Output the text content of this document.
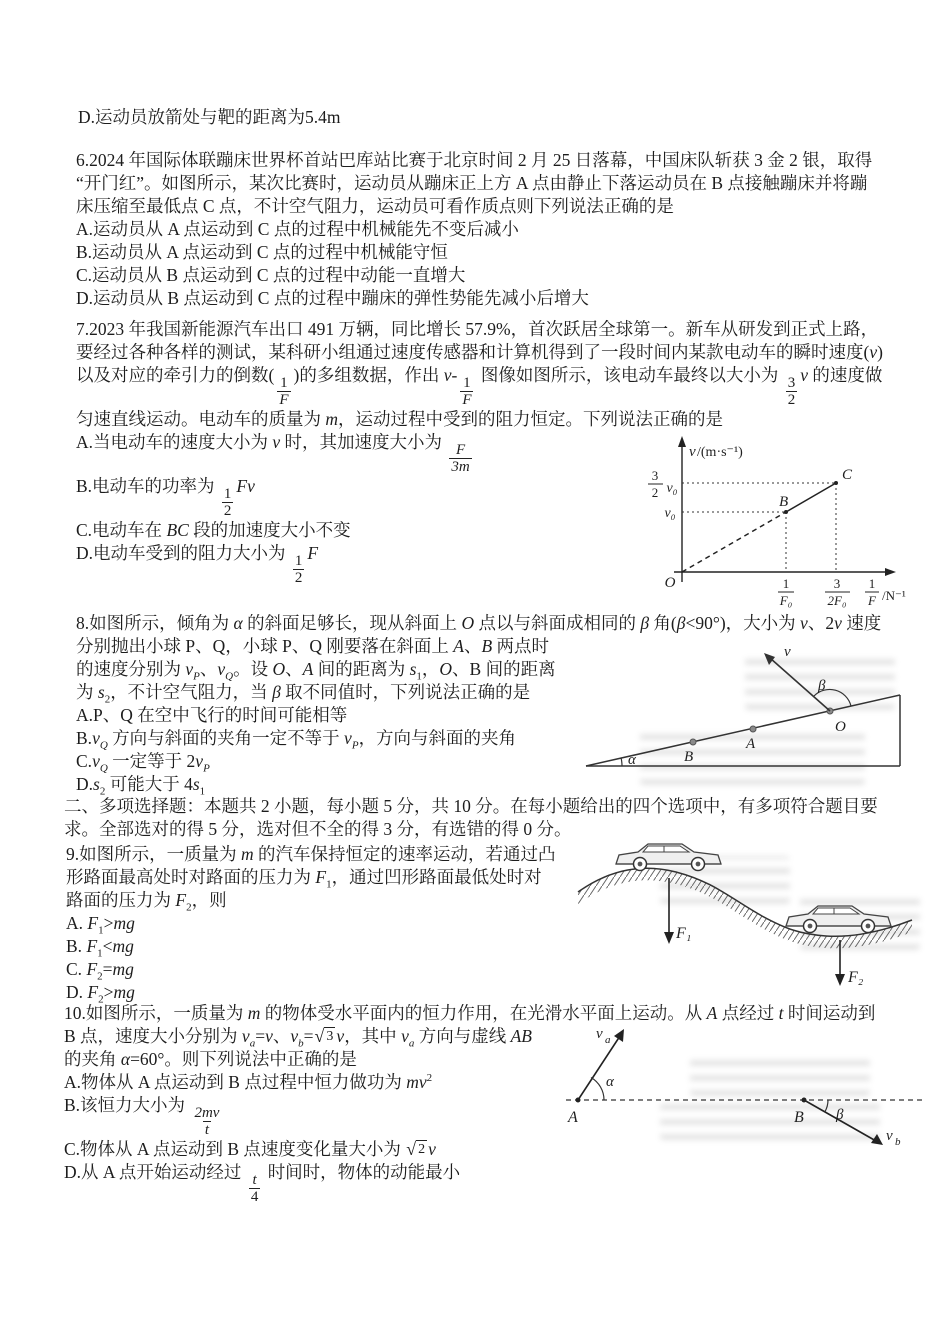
D.运动员放箭处与靶的距离为5.4m
6.2024 年国际体联蹦床世界杯首站巴库站比赛于北京时间 2 月 25 日落幕，中国床队斩获 3 金 2 银，取得
“开门红”。如图所示，某次比赛时，运动员从蹦床正上方 A 点由静止下落运动员在 B 点接触蹦床并将蹦
床压缩至最低点 C 点，不计空气阻力，运动员可看作质点则下列说法正确的是
A.运动员从 A 点运动到 C 点的过程中机械能先不变后减小
B.运动员从 A 点运动到 C 点的过程中机械能守恒
C.运动员从 B 点运动到 C 点的过程中动能一直增大
D.运动员从 B 点运动到 C 点的过程中蹦床的弹性势能先减小后增大
7.2023 年我国新能源汽车出口 491 万辆，同比增长 57.9%，首次跃居全球第一。新车从研发到正式上路，
要经过各种各样的测试，某科研小组通过速度传感器和计算机得到了一段时间内某款电动车的瞬时速度(v)
以及对应的牵引力的倒数( $\frac{1}{F}$ )的多组数据，作出 $v- \frac{1}{F}$ 图像如图所示，该电动车最终以大小为 $\frac{3}{2}$ v 的速度做
匀速直线运动。电动车的质量为 m，运动过程中受到的阻力恒定。下列说法正确的是
A.当电动车的速度大小为 v 时，其加速度大小为 $\frac{F}{3m}$
B.电动车的功率为 $\frac{1}{2}$ Fv
C.电动车在 BC 段的加速度大小不变
D.电动车受到的阻力大小为 $\frac{1}{2}$ F
8.如图所示，倾角为 α 的斜面足够长，现从斜面上 O 点以与斜面成相同的 β 角(β<90°)，大小为 v、2v 速度
分别抛出小球 P、Q，小球 P、Q 刚要落在斜面上 A、B 两点时
的速度分别为 $v_P$、$v_Q$。设 O、A 间的距离为 $s_1$，O、B 间的距离
为 $s_2$，不计空气阻力，当 β 取不同值时，下列说法正确的是
A.P、Q 在空中飞行的时间可能相等
$B.v_Q$ 方向与斜面的夹角一定不等于 $v_P$，方向与斜面的夹角
$C.v_Q$ 一定等于 $2v_P$
$D.s_2$ 可能大于 $4s_1$
二、多项选择题：本题共 2 小题，每小题 5 分，共 10 分。在每小题给出的四个选项中，有多项符合题目要
求。全部选对的得 5 分，选对但不全的得 3 分，有选错的得 0 分。
9.如图所示，一质量为 m 的汽车保持恒定的速率运动，若通过凸
形路面最高处时对路面的压力为 $F_1$，通过凹形路面最低处时对
路面的压力为 $F_2$，则
A. $F_1>mg$
B. $F_1<mg$
C. $F_2=mg$
D. $F_2>mg$
10.如图所示，一质量为 m 的物体受水平面内的恒力作用，在光滑水平面上运动。从 A 点经过 t 时间运动到
B 点，速度大小分别为 $v_a=v$、$v_b=$ √ 3 v，其中 $v_a$ 方向与虚线 AB
的夹角 α=60°。则下列说法中正确的是
A.物体从 A 点运动到 B 点过程中恒力做功为 $mv^2$
B.该恒力大小为 $\frac{2mv}{t}$
C.物体从 A 点运动到 B 点速度变化量大小为 √ 2 v
D.从 A 点开始运动经过 $\frac{t}{4}$ 时间时，物体的动能最小
v /(m·s⁻¹)
3
2 v₀
v₀
O
B
C
1
F₀
3
2F₀
1
F /N⁻¹
α	B
A
O
v
β
F₁
F₂
A
v a
α
B
v b
β
